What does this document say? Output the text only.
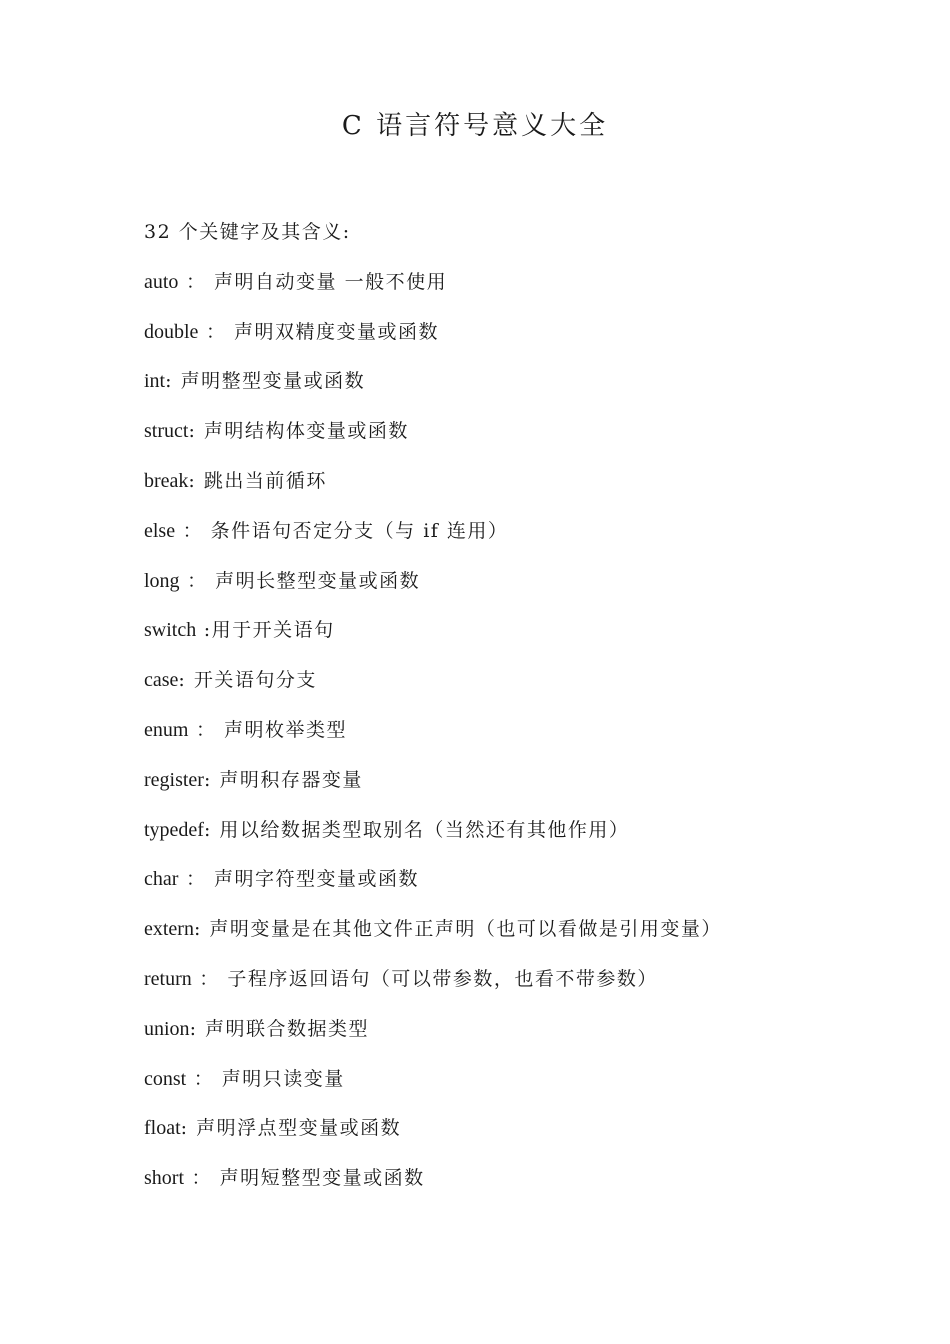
C 语言符号意义大全
32 个关键字及其含义:
auto ： 声明自动变量 一般不使用
double ： 声明双精度变量或函数
int: 声明整型变量或函数
struct: 声明结构体变量或函数
break: 跳出当前循环
else ： 条件语句否定分支（与 if 连用）
long ： 声明长整型变量或函数
switch :用于开关语句
case: 开关语句分支
enum ： 声明枚举类型
register: 声明积存器变量
typedef: 用以给数据类型取别名（当然还有其他作用）
char ： 声明字符型变量或函数
extern: 声明变量是在其他文件正声明（也可以看做是引用变量）
return ： 子程序返回语句（可以带参数，也看不带参数）
union: 声明联合数据类型
const ： 声明只读变量
float: 声明浮点型变量或函数
short ： 声明短整型变量或函数
